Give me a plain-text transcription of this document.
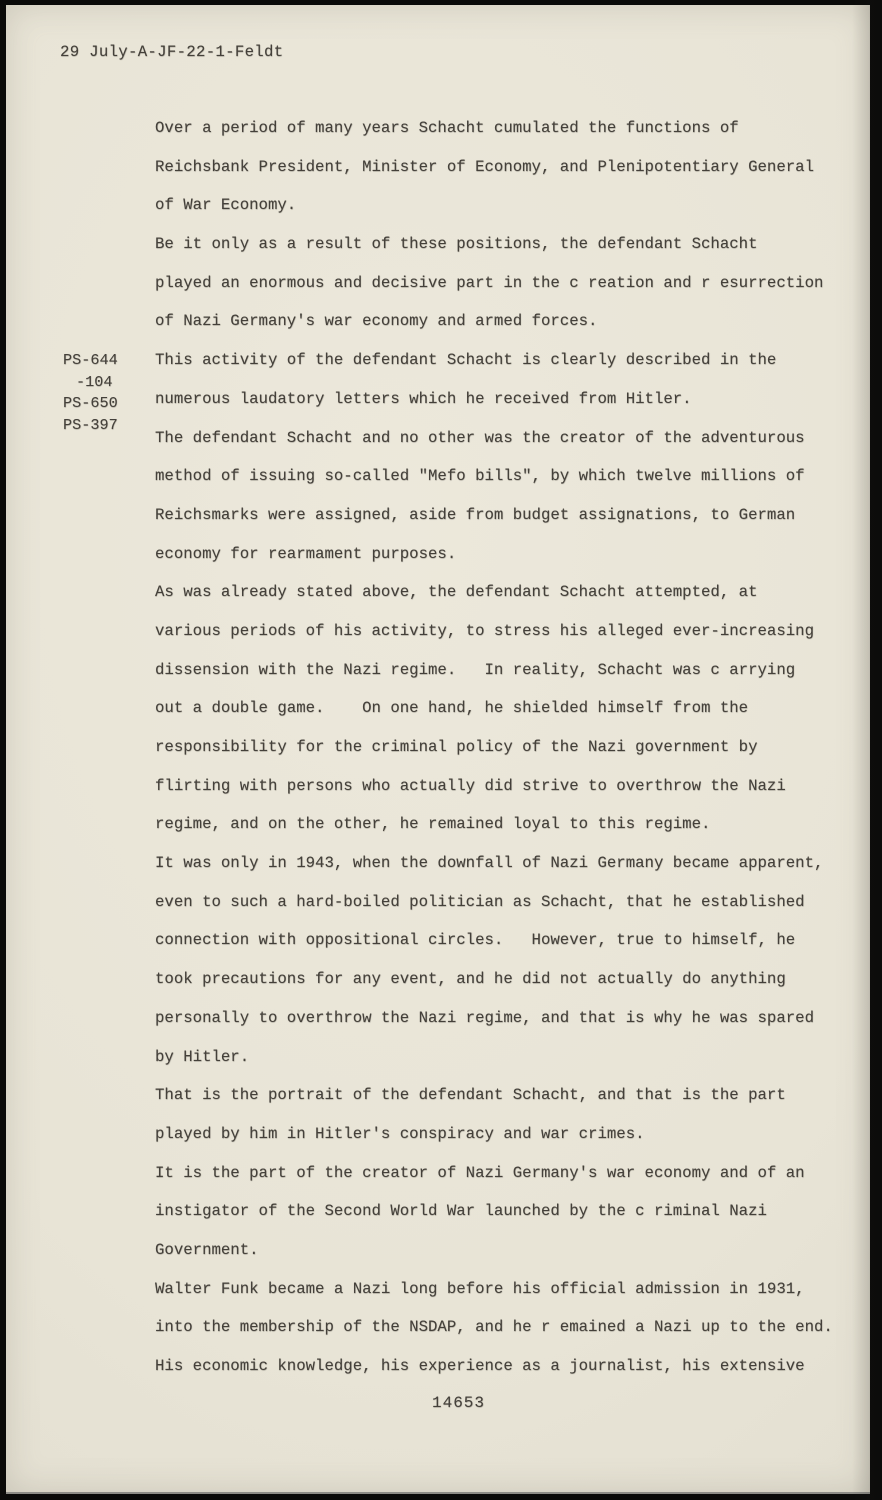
29 July-A-JF-22-1-Feldt
PS-644
-104
PS-650
PS-397
Over a period of many years Schacht cumulated the functions of
Reichsbank President, Minister of Economy, and Plenipotentiary General
of War Economy.
Be it only as a result of these positions, the defendant Schacht
played an enormous and decisive part in the c reation and r esurrection
of Nazi Germany's war economy and armed forces.
This activity of the defendant Schacht is clearly described in the
numerous laudatory letters which he received from Hitler.
The defendant Schacht and no other was the creator of the adventurous
method of issuing so-called "Mefo bills", by which twelve millions of
Reichsmarks were assigned, aside from budget assignations, to German
economy for rearmament purposes.
As was already stated above, the defendant Schacht attempted, at
various periods of his activity, to stress his alleged ever-increasing
dissension with the Nazi regime.   In reality, Schacht was c arrying
out a double game.    On one hand, he shielded himself from the
responsibility for the criminal policy of the Nazi government by
flirting with persons who actually did strive to overthrow the Nazi
regime, and on the other, he remained loyal to this regime.
It was only in 1943, when the downfall of Nazi Germany became apparent,
even to such a hard-boiled politician as Schacht, that he established
connection with oppositional circles.   However, true to himself, he
took precautions for any event, and he did not actually do anything
personally to overthrow the Nazi regime, and that is why he was spared
by Hitler.
That is the portrait of the defendant Schacht, and that is the part
played by him in Hitler's conspiracy and war crimes.
It is the part of the creator of Nazi Germany's war economy and of an
instigator of the Second World War launched by the c riminal Nazi
Government.
Walter Funk became a Nazi long before his official admission in 1931,
into the membership of the NSDAP, and he r emained a Nazi up to the end.
His economic knowledge, his experience as a journalist, his extensive
14653
